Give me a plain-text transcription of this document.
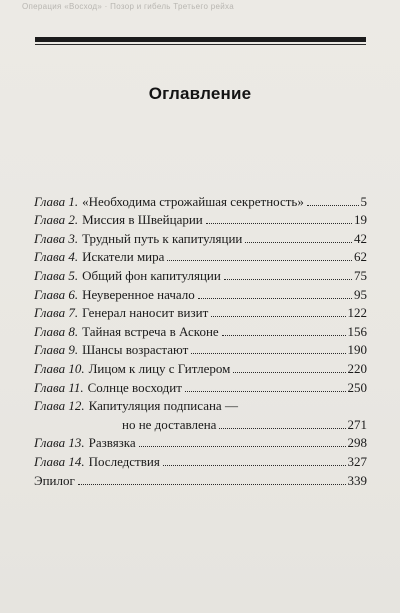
Операция «Восход» · Позор и гибель Третьего рейха
Оглавление
Глава 1. «Необходима строжайшая секретность»	5
Глава 2. Миссия в Швейцарии	19
Глава 3. Трудный путь к капитуляции	42
Глава 4. Искатели мира	62
Глава 5. Общий фон капитуляции	75
Глава 6. Неуверенное начало	95
Глава 7. Генерал наносит визит	122
Глава 8. Тайная встреча в Асконе	156
Глава 9. Шансы возрастают	190
Глава 10. Лицом к лицу с Гитлером	220
Глава 11. Солнце восходит	250
Глава 12. Капитуляция подписана —
но не доставлена	271
Глава 13. Развязка	298
Глава 14. Последствия	327
Эпилог	339
